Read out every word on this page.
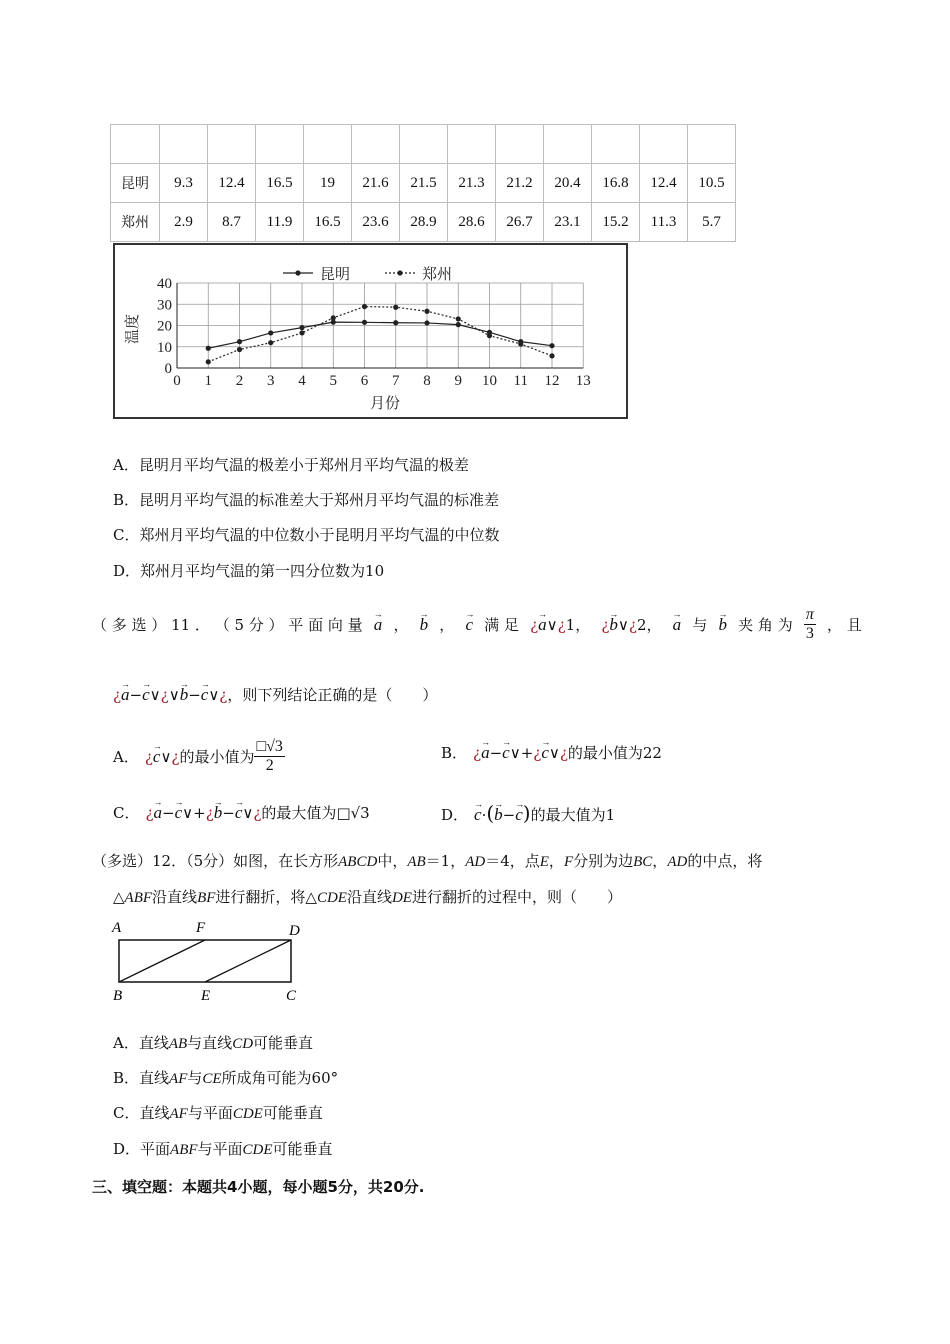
昆明	9.3	12.4	16.5	19	21.6	21.5	21.3	21.2	20.4	16.8	12.4	10.5
郑州	2.9	8.7	11.9	16.5	23.6	28.9	28.6	26.7	23.1	15.2	11.3	5.7
0 1 2 3 4 5 6 7 8 9 10 11 12 13
0
10
20
30
40
月份
温度
昆明	郑州
A．昆明月平均气温的极差小于郑州月平均气温的极差
B．昆明月平均气温的标准差大于郑州月平均气温的标准差
C．郑州月平均气温的中位数小于昆明月平均气温的中位数
D．郑州月平均气温的第一四分位数为10
（ 多 选 ） 11 ． （ 5 分 ） 平 面 向 量 → a ， → b ， → c 满 足 ¿→ a∨¿1， ¿→ b∨¿2， → a 与 → b 夹 角 为 $\frac{\pi}{3}$ ， 且
¿→ a−→ c∨¿∨→ b−→ c∨¿，则下列结论正确的是（　　）
A． ¿ → c ∨ ¿ 的最小值为 $\frac{□√3}{2}$	B． ¿→ a−→ c∨+¿→ c∨¿的最小值为22
C． ¿→ a−→ c∨+¿→ b−→ c∨¿的最大值为□√3	D． → c·(→ b−→ c)的最大值为1
（多选）12．（5分）如图，在长方形ABCD中，AB＝1，AD＝4，点E，F分别为边BC，AD的中点，将
△ABF沿直线BF进行翻折，将△CDE沿直线DE进行翻折的过程中，则（　　）
A	F	D
B	E	C
A．直线AB与直线CD可能垂直
B．直线AF与CE所成角可能为60°
C．直线AF与平面CDE可能垂直
D．平面ABF与平面CDE可能垂直
三、填空题：本题共4小题，每小题5分，共20分.
